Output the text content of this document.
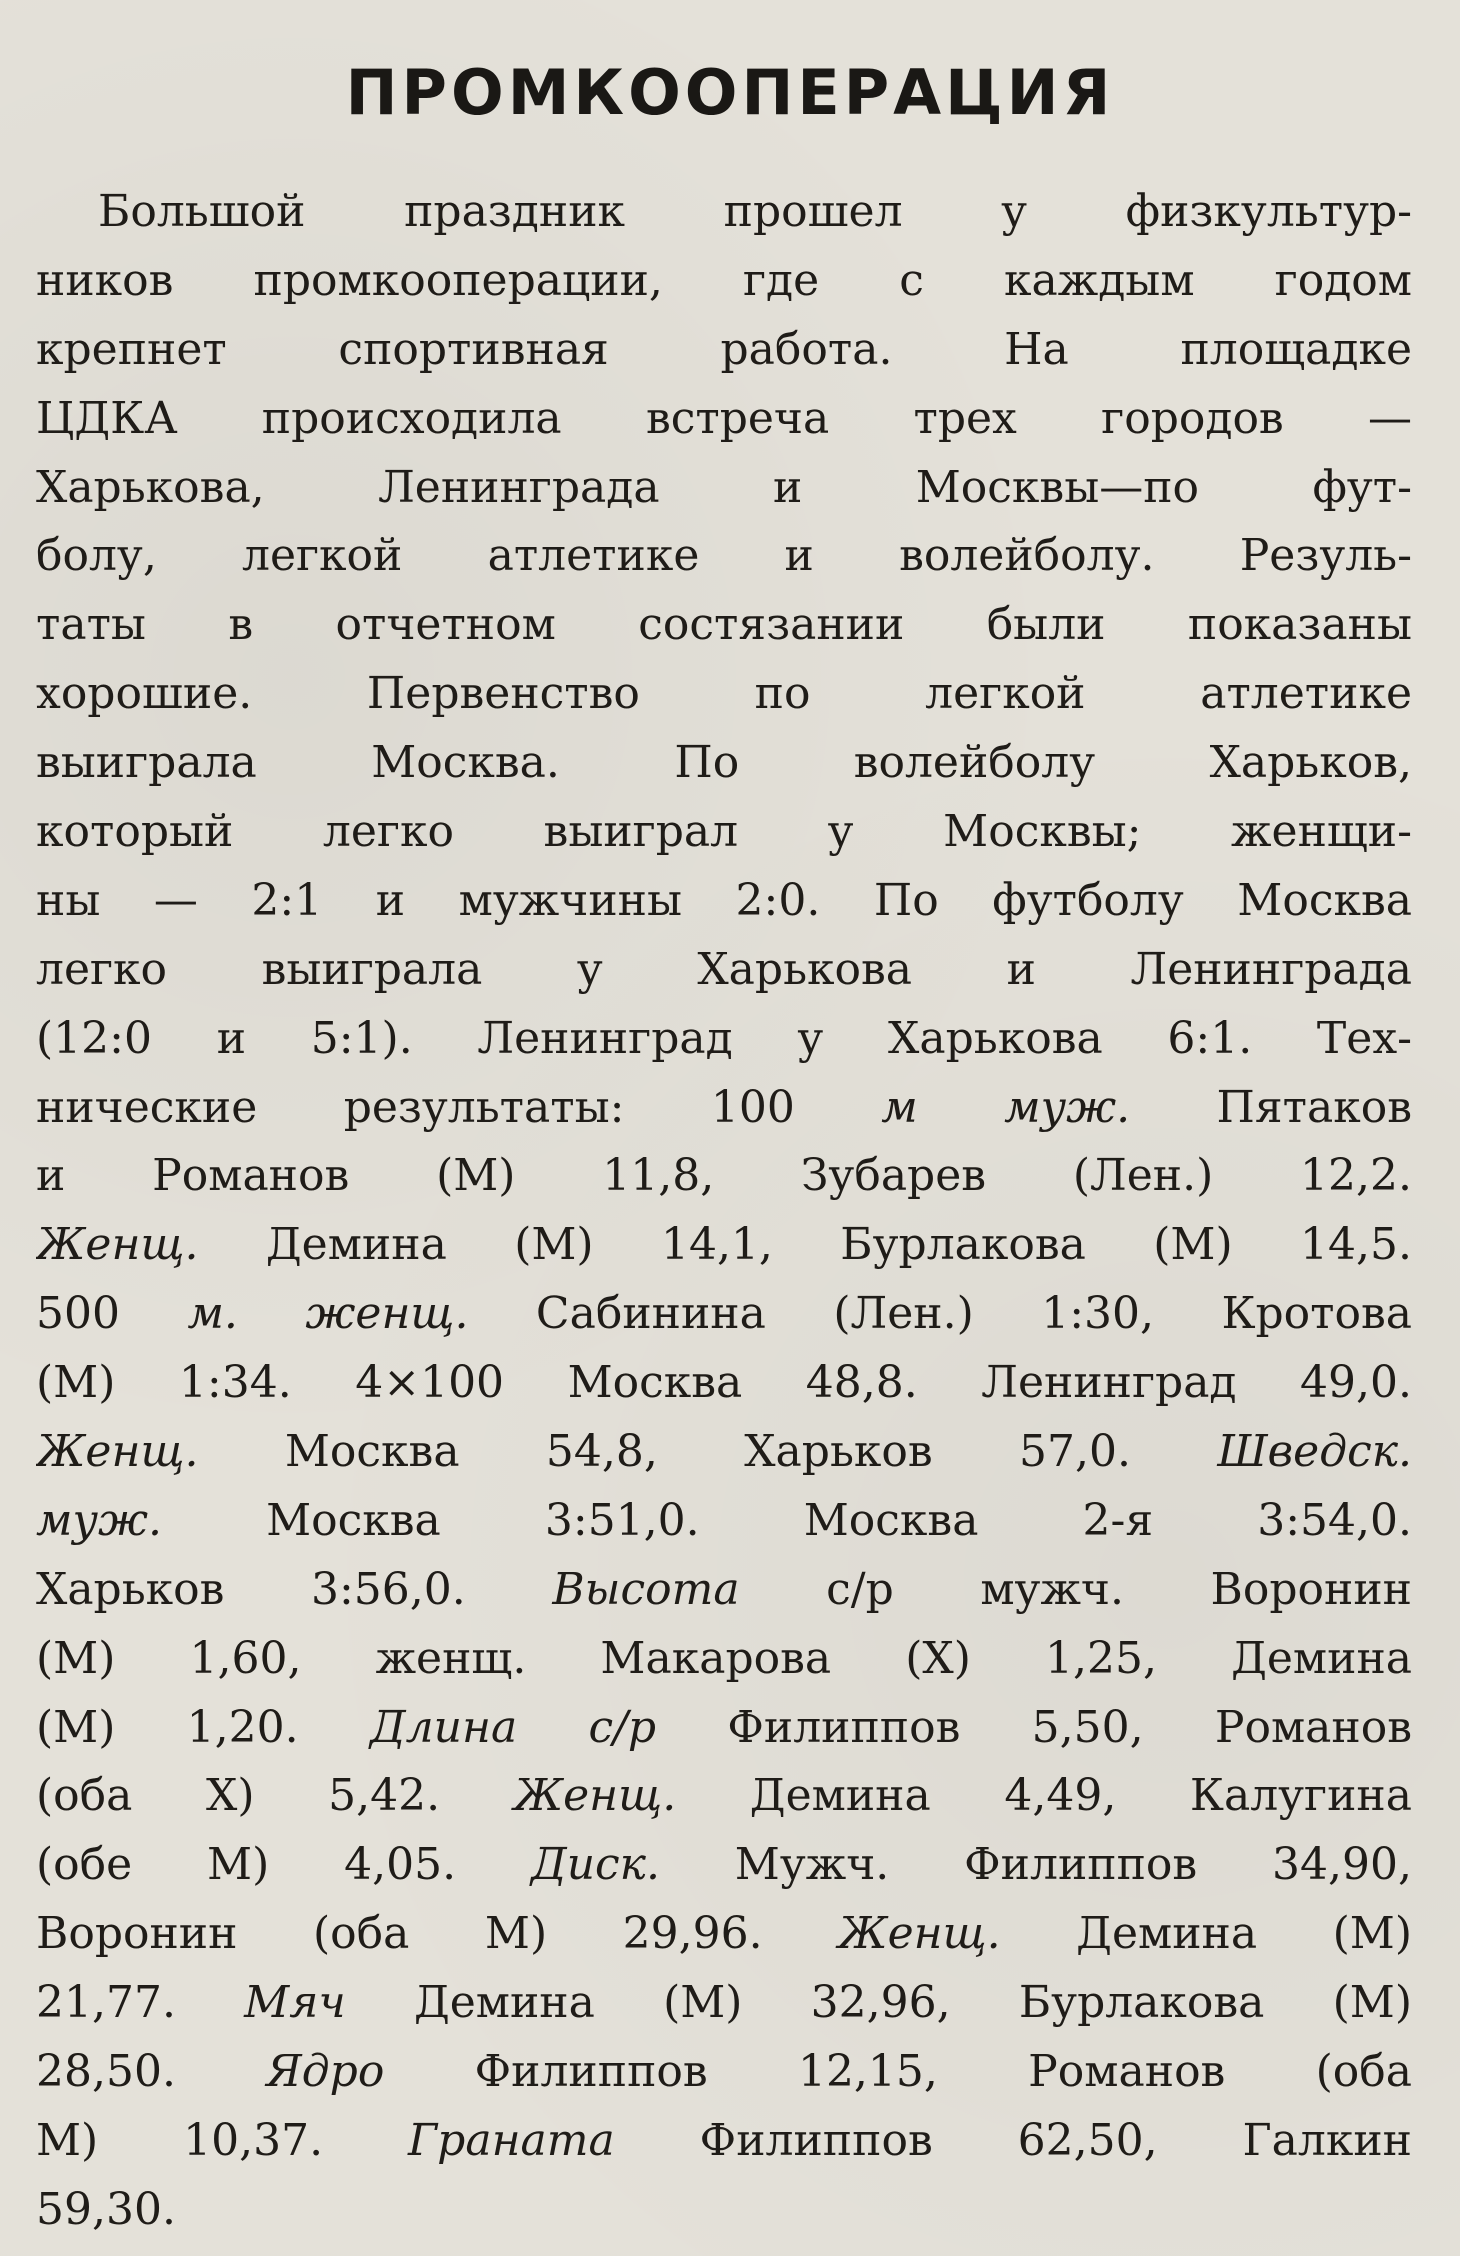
ПРОМКООПЕРАЦИЯ
Большой праздник прошел у физкультур-
ников промкооперации, где с каждым годом
крепнет спортивная работа. На площадке
ЦДКА происходила встреча трех городов —
Харькова, Ленинграда и Москвы—по фут-
болу, легкой атлетике и волейболу. Резуль-
таты в отчетном состязании были показаны
хорошие. Первенство по легкой атлетике
выиграла Москва. По волейболу Харьков,
который легко выиграл у Москвы; женщи-
ны — 2:1 и мужчины 2:0. По футболу Москва
легко выиграла у Харькова и Ленинграда
(12:0 и 5:1). Ленинград у Харькова 6:1. Тех-
нические результаты: 100 м муж. Пятаков
и Романов (М) 11,8, Зубарев (Лен.) 12,2.
Женщ. Демина (М) 14,1, Бурлакова (М) 14,5.
500 м. женщ. Сабинина (Лен.) 1:30, Кротова
(М) 1:34. 4×100 Москва 48,8. Ленинград 49,0.
Женщ. Москва 54,8, Харьков 57,0. Шведск.
муж. Москва 3:51,0. Москва 2-я 3:54,0.
Харьков 3:56,0. Высота с/р мужч. Воронин
(М) 1,60, женщ. Макарова (Х) 1,25, Демина
(М) 1,20. Длина с/р Филиппов 5,50, Романов
(оба Х) 5,42. Женщ. Демина 4,49, Калугина
(обе М) 4,05. Диск. Мужч. Филиппов 34,90,
Воронин (оба М) 29,96. Женщ. Демина (М)
21,77. Мяч Демина (М) 32,96, Бурлакова (М)
28,50. Ядро Филиппов 12,15, Романов (оба
М) 10,37. Граната Филиппов 62,50, Галкин
59,30.
